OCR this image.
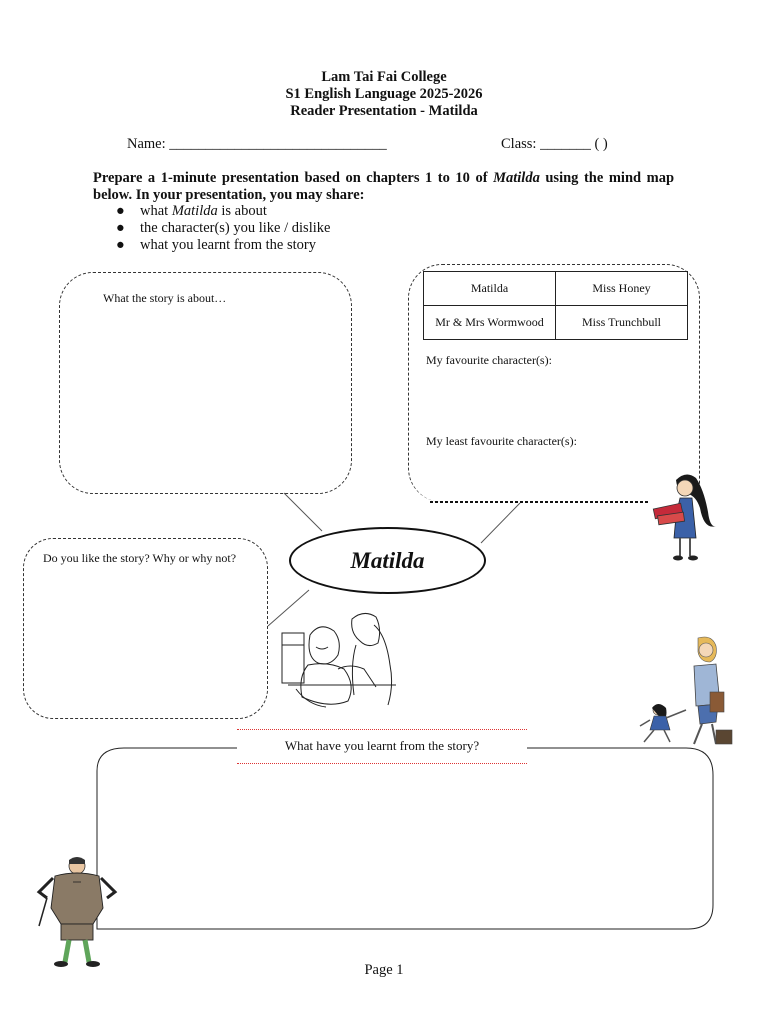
Lam Tai Fai College
S1 English Language 2025-2026
Reader Presentation - Matilda
Name: ______________________________	Class: _______ ( )
Prepare a 1-minute presentation based on chapters 1 to 10 of Matilda using the mind map below. In your presentation, you may share:
● what Matilda is about
● the character(s) you like / dislike
● what you learnt from the story
What the story is about…
Matilda	Miss Honey
Mr & Mrs Wormwood	Miss Trunchbull
My favourite character(s):
My least favourite character(s):
Matilda
Do you like the story? Why or why not?
What have you learnt from the story?
Page 1
